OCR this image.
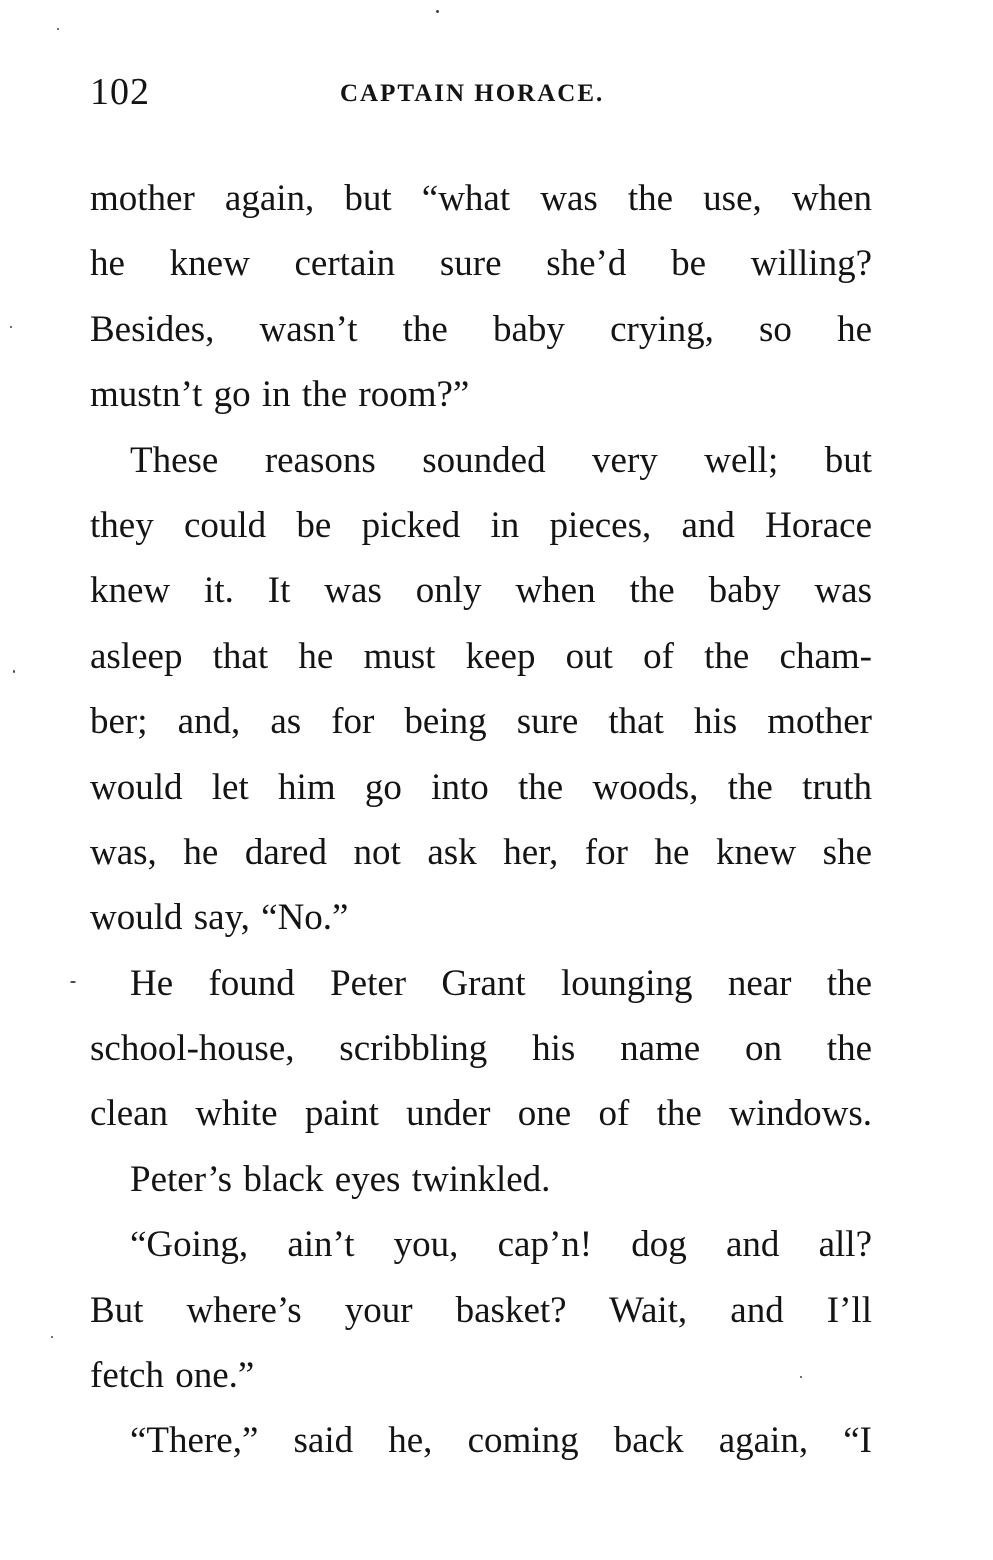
102	CAPTAIN HORACE.
mother again, but “what was the use, when
he knew certain sure she’d be willing?
Besides, wasn’t the baby crying, so he
mustn’t go in the room?”
These reasons sounded very well; but
they could be picked in pieces, and Horace
knew it. It was only when the baby was
asleep that he must keep out of the cham-
ber; and, as for being sure that his mother
would let him go into the woods, the truth
was, he dared not ask her, for he knew she
would say, “No.”
He found Peter Grant lounging near the
school-house, scribbling his name on the
clean white paint under one of the windows.
Peter’s black eyes twinkled.
“Going, ain’t you, cap’n! dog and all?
But where’s your basket? Wait, and I’ll
fetch one.”
“There,” said he, coming back again, “I
